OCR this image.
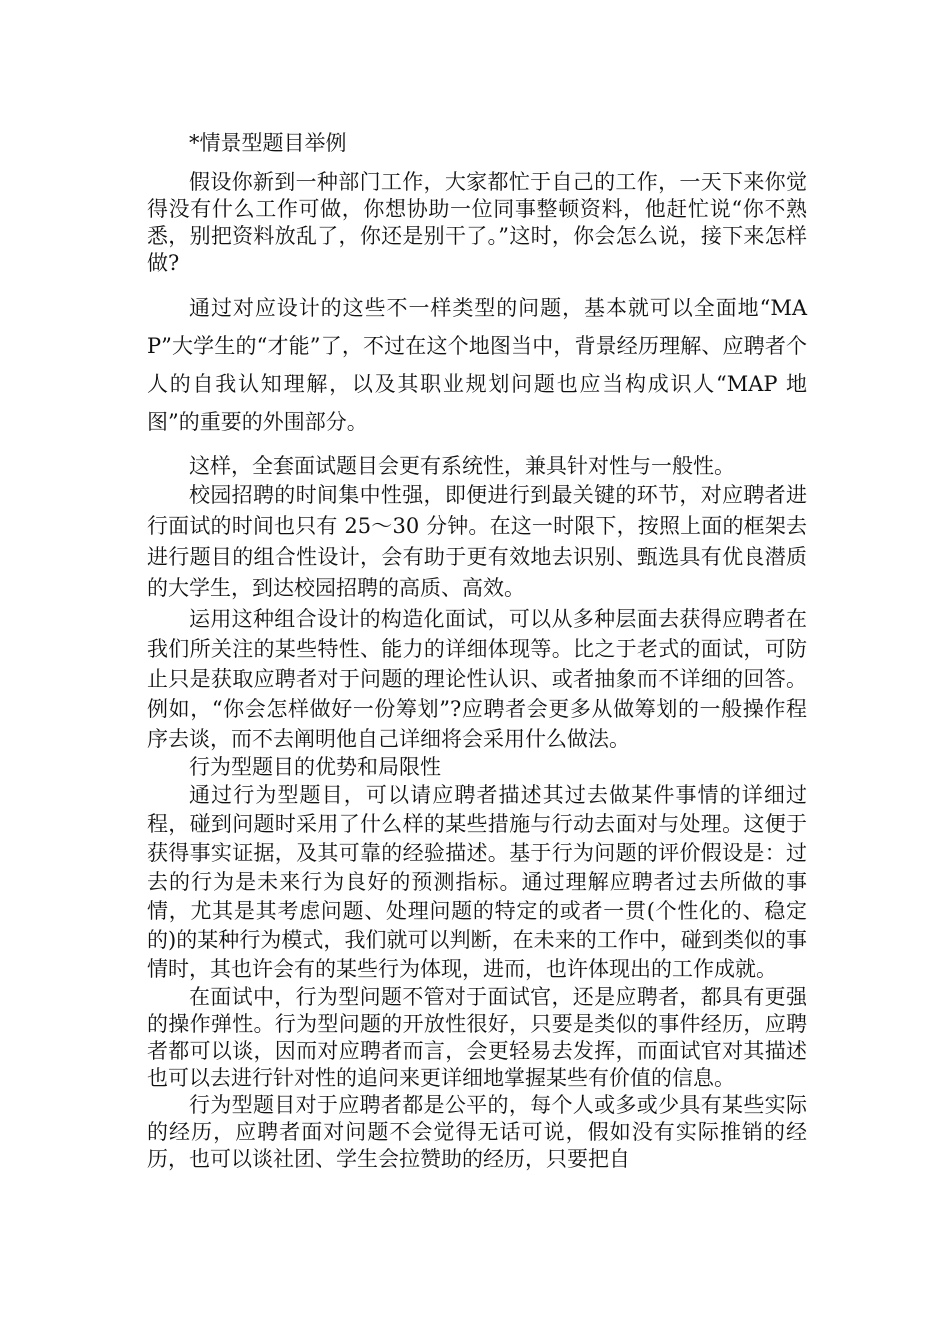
*情景型题目举例

假设你新到一种部门工作，大家都忙于自己的工作，一天下来你觉得没有什么工作可做，你想协助一位同事整顿资料，他赶忙说“你不熟悉，别把资料放乱了，你还是别干了。”这时，你会怎么说，接下来怎样做?

通过对应设计的这些不一样类型的问题，基本就可以全面地“MAP”大学生的“才能”了，不过在这个地图当中，背景经历理解、应聘者个人的自我认知理解，以及其职业规划问题也应当构成识人“MAP 地图”的重要的外围部分。

这样，全套面试题目会更有系统性，兼具针对性与一般性。

校园招聘的时间集中性强，即便进行到最关键的环节，对应聘者进行面试的时间也只有 25～30 分钟。在这一时限下，按照上面的框架去进行题目的组合性设计，会有助于更有效地去识别、甄选具有优良潜质的大学生，到达校园招聘的高质、高效。

运用这种组合设计的构造化面试，可以从多种层面去获得应聘者在我们所关注的某些特性、能力的详细体现等。比之于老式的面试，可防止只是获取应聘者对于问题的理论性认识、或者抽象而不详细的回答。例如，“你会怎样做好一份筹划”?应聘者会更多从做筹划的一般操作程序去谈，而不去阐明他自己详细将会采用什么做法。

行为型题目的优势和局限性

通过行为型题目，可以请应聘者描述其过去做某件事情的详细过程，碰到问题时采用了什么样的某些措施与行动去面对与处理。这便于获得事实证据，及其可靠的经验描述。基于行为问题的评价假设是：过去的行为是未来行为良好的预测指标。通过理解应聘者过去所做的事情，尤其是其考虑问题、处理问题的特定的或者一贯(个性化的、稳定的)的某种行为模式，我们就可以判断，在未来的工作中，碰到类似的事情时，其也许会有的某些行为体现，进而，也许体现出的工作成就。

在面试中，行为型问题不管对于面试官，还是应聘者，都具有更强的操作弹性。行为型问题的开放性很好，只要是类似的事件经历，应聘者都可以谈，因而对应聘者而言，会更轻易去发挥，而面试官对其描述也可以去进行针对性的追问来更详细地掌握某些有价值的信息。

行为型题目对于应聘者都是公平的，每个人或多或少具有某些实际的经历，应聘者面对问题不会觉得无话可说，假如没有实际推销的经历，也可以谈社团、学生会拉赞助的经历，只要把自
